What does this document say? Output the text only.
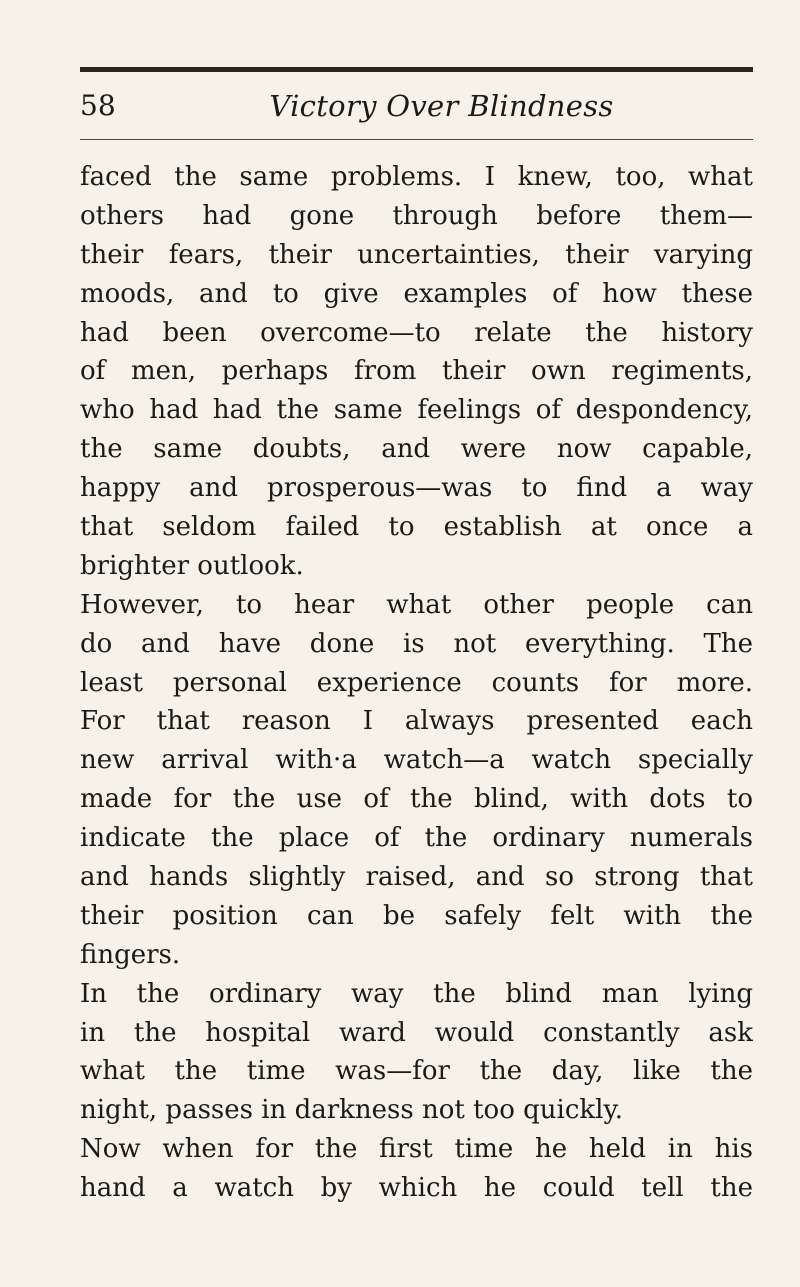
58	Victory Over Blindness
faced the same problems. I knew, too, what
others had gone through before them—
their fears, their uncertainties, their varying
moods, and to give examples of how these
had been overcome—to relate the history
of men, perhaps from their own regiments,
who had had the same feelings of despondency,
the same doubts, and were now capable,
happy and prosperous—was to find a way
that seldom failed to establish at once a
brighter outlook.
However, to hear what other people can
do and have done is not everything. The
least personal experience counts for more.
For that reason I always presented each
new arrival with·a watch—a watch specially
made for the use of the blind, with dots to
indicate the place of the ordinary numerals
and hands slightly raised, and so strong that
their position can be safely felt with the
fingers.
In the ordinary way the blind man lying
in the hospital ward would constantly ask
what the time was—for the day, like the
night, passes in darkness not too quickly.
Now when for the first time he held in his
hand a watch by which he could tell the
